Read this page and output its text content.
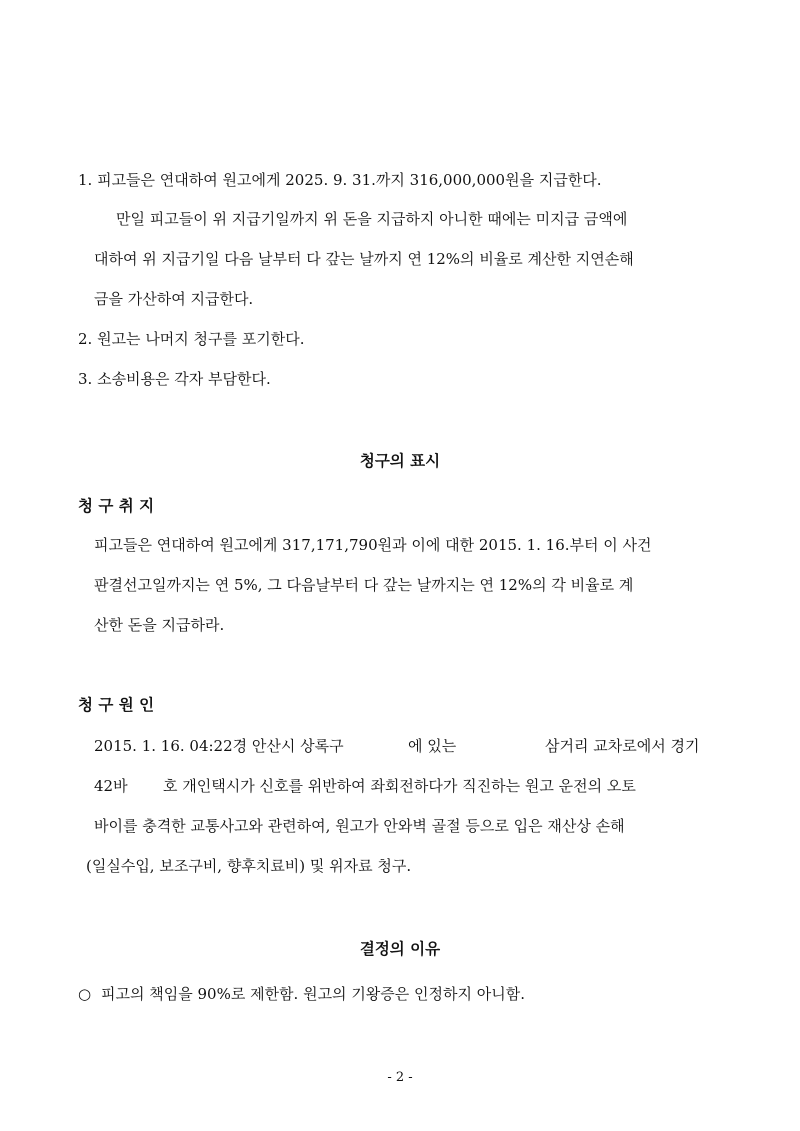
1. 피고들은 연대하여 원고에게 2025. 9. 31.까지 316,000,000원을 지급한다.
만일 피고들이 위 지급기일까지 위 돈을 지급하지 아니한 때에는 미지급 금액에
대하여 위 지급기일 다음 날부터 다 갚는 날까지 연 12%의 비율로 계산한 지연손해
금을 가산하여 지급한다.
2. 원고는 나머지 청구를 포기한다.
3. 소송비용은 각자 부담한다.
청구의 표시
청 구 취 지
피고들은 연대하여 원고에게 317,171,790원과 이에 대한 2015. 1. 16.부터 이 사건
판결선고일까지는 연 5%, 그 다음날부터 다 갚는 날까지는 연 12%의 각 비율로 계
산한 돈을 지급하라.
청 구 원 인
2015. 1. 16. 04:22경 안산시 상록구	에 있는	삼거리 교차로에서 경기
42바 호 개인택시가 신호를 위반하여 좌회전하다가 직진하는 원고 운전의 오토
바이를 충격한 교통사고와 관련하여, 원고가 안와벽 골절 등으로 입은 재산상 손해
(일실수입, 보조구비, 향후치료비) 및 위자료 청구.
결정의 이유
○ 피고의 책임을 90%로 제한함. 원고의 기왕증은 인정하지 아니함.
- 2 -
